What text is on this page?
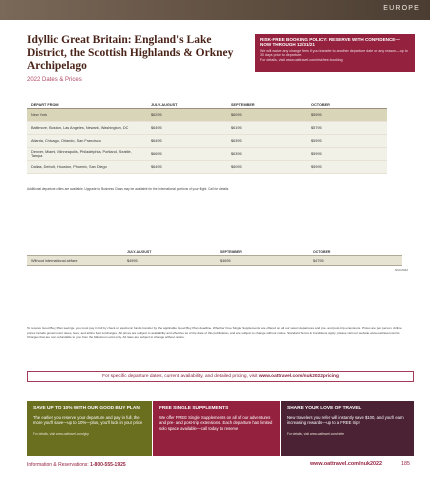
EUROPE
Idyllic Great Britain: England's Lake District, the Scottish Highlands & Orkney Archipelago
2022 Dates & Prices
RISK-FREE BOOKING POLICY: RESERVE WITH CONFIDENCE—NOW THROUGH 12/31/21
We will waive any change fees if you transfer to another departure date or any reason—up to 30 days prior to departure.
For details, visit www.oattravel.com/riskfree-booking
DEPART FROM	JULY-AUGUST	SEPTEMBER	OCTOBER
New York	$6295	$6095	$5995
Baltimore, Boston, Las Angeles, Newark, Washington, DC	$6495	$6195	$5795
Atlanta, Chicago, Orlando, San Francisco	$6495	$6395	$5995
Denver, Miami, Minneapolis, Philadelphia, Portland, Seattle, Tampa	$6695	$6395	$5995
Dallas, Detroit, Houston, Phoenix, San Diego	$6495	$6095	$5995
Additional departure cities are available. Upgrade to Business Class may be available for the international portions of your flight. Call for details.
	JULY-AUGUST	SEPTEMBER	OCTOBER
Without international airfare	$4995	$4695	$4795
NUK2022
To receive Good Buy Plan savings, you must pay in full by check or electronic funds transfer by the applicable Good Buy Plan deadline. Whether Free Single Supplements are offered on all our select departures and pre- and post-trip extensions. Prices are per person. Airline prices include government taxes, fees, and airline fuel surcharges. All prices are subject to availability and effective as of the date of this publication, and are subject to change without notice. Standard Terms & Conditions apply; please visit our website www.oattravel.com/tc. Charges that are non-refundable to you from the Maximum exist only. All rates are subject to change without notice.
For specific departure dates, current availability, and detailed pricing, visit www.oattravel.com/nuk2022pricing
SAVE UP TO 10% WITH OUR GOOD BUY PLAN
The earlier you reserve your departure and pay in full, the more you'll save—up to 10%—plus, you'll lock in your price
For details, visit www.oattravel.com/gbp
FREE SINGLE SUPPLEMENTS
We offer FREE Single Supplements on all of our adventures and pre- and post-trip extensions. Each departure has limited solo space available—call today to reserve
SHARE YOUR LOVE OF TRAVEL
New travelers you refer will instantly save $100, and you'll earn increasing rewards—up to a FREE trip!
For details, visit www.oattravel.com/refer
Information & Reservations: 1-800-555-1925	www.oattravel.com/nuk2022	185
